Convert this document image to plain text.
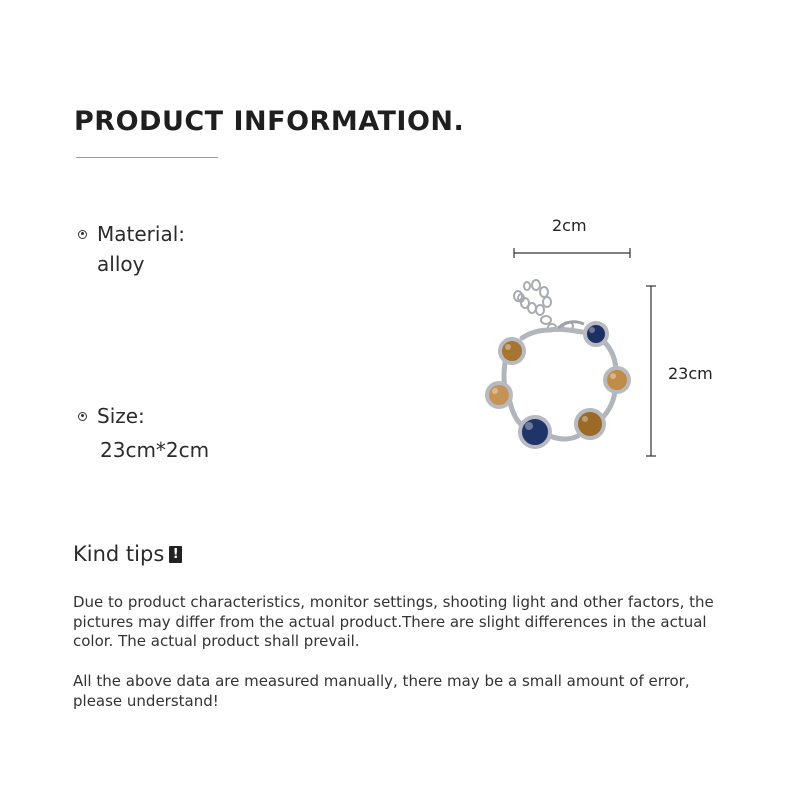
PRODUCT INFORMATION.
Material:
alloy
Size:
23cm*2cm
2cm
23cm
Kind tips !

Due to product characteristics, monitor settings, shooting light and other factors, the pictures may differ from the actual product.There are slight differences in the actual color. The actual product shall prevail.

All the above data are measured manually, there may be a small amount of error, please understand!
